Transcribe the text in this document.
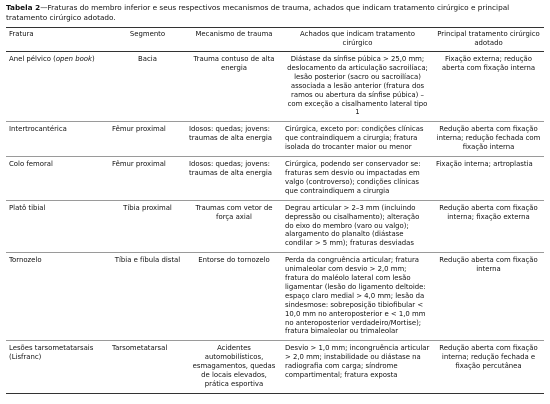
Tabela 2—Fraturas do membro inferior e seus respectivos mecanismos de trauma, achados que indicam tratamento cirúrgico e principal tratamento cirúrgico adotado.

Fratura	Segmento	Mecanismo de trauma	Achados que indicam tratamento cirúrgico	Principal tratamento cirúrgico adotado
Anel pélvico (open book)	Bacia	Trauma contuso de alta energia	Diástase da sínfise púbica > 25,0 mm; deslocamento da articulação sacroilíaca; lesão posterior (sacro ou sacroilíaca) associada a lesão anterior (fratura dos ramos ou abertura da sínfise púbica) – com exceção a cisalhamento lateral tipo 1	Fixação externa; redução aberta com fixação interna
Intertrocantérica	Fêmur proximal	Idosos: quedas; jovens: traumas de alta energia	Cirúrgica, exceto por: condições clínicas que contraindiquem a cirurgia; fratura isolada do trocanter maior ou menor	Redução aberta com fixação interna; redução fechada com fixação interna
Colo femoral	Fêmur proximal	Idosos: quedas; jovens: traumas de alta energia	Cirúrgica, podendo ser conservador se: fraturas sem desvio ou impactadas em valgo (controverso); condições clínicas que contraindiquem a cirurgia	Fixação interna; artroplastia
Platô tibial	Tíbia proximal	Traumas com vetor de força axial	Degrau articular > 2–3 mm (incluindo depressão ou cisalhamento); alteração do eixo do membro (varo ou valgo); alargamento do planalto (diástase condilar > 5 mm); fraturas desviadas	Redução aberta com fixação interna; fixação externa
Tornozelo	Tíbia e fíbula distal	Entorse do tornozelo	Perda da congruência articular; fratura unimaleolar com desvio > 2,0 mm; fratura do maléolo lateral com lesão ligamentar (lesão do ligamento deltoide: espaço claro medial > 4,0 mm; lesão da sindesmose: sobreposição tibiofibular < 10,0 mm no anteroposterior e < 1,0 mm no anteroposterior verdadeiro/Mortise); fratura bimaleolar ou trimaleolar	Redução aberta com fixação interna
Lesões tarsometatarsais (Lisfranc)	Tarsometatarsal	Acidentes automobilísticos, esmagamentos, quedas de locais elevados, prática esportiva	Desvio > 1,0 mm; incongruência articular > 2,0 mm; instabilidade ou diástase na radiografia com carga; síndrome compartimental; fratura exposta	Redução aberta com fixação interna; redução fechada e fixação percutânea
